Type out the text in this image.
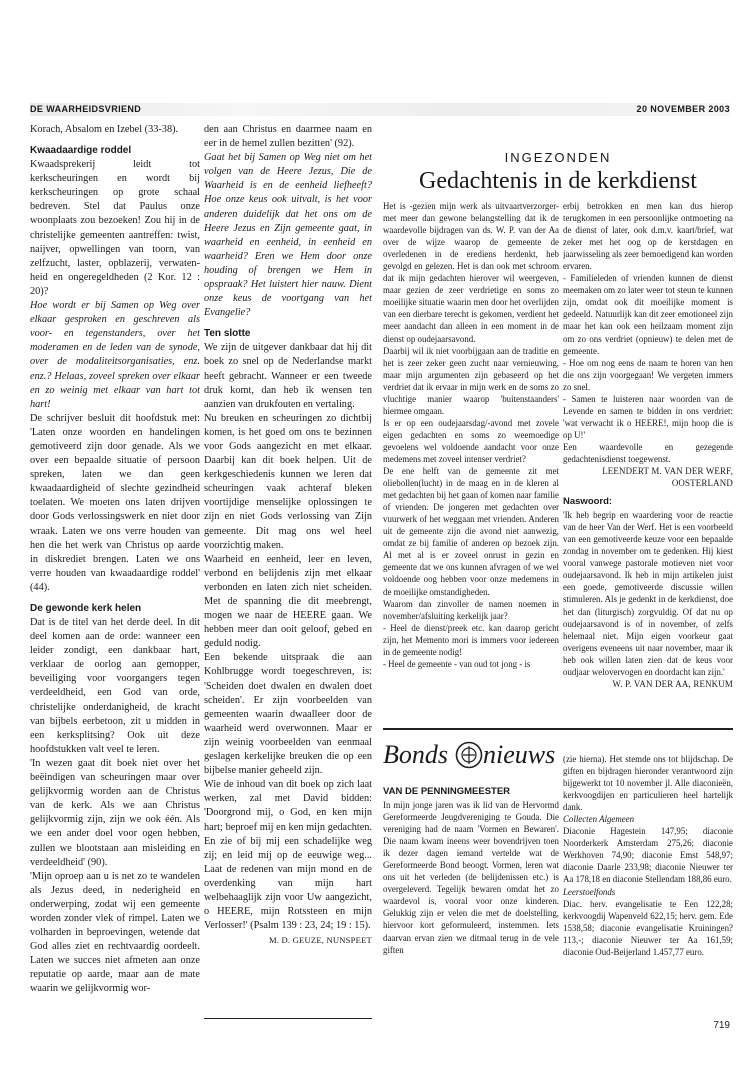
DE WAARHEIDSVRIEND	20 NOVEMBER 2003

Korach, Absalom en Izebel (33-38).

Kwaadaardige roddel

Kwaadsprekerij leidt tot kerkscheuringen en wordt bij kerkscheuringen op grote schaal bedreven. Stel dat Paulus onze woonplaats zou bezoeken! Zou hij in de christelijke gemeenten aantreffen: twist, naijver, opwellingen van toorn, van zelfzucht, laster, opblazerij, verwatenheid en ongeregeldheden (2 Kor. 12 : 20)?

Hoe wordt er bij Samen op Weg over elkaar gesproken en geschreven als voor- en tegenstanders, over het moderamen en de leden van de synode, over de modaliteitsorganisaties, enz. enz.? Helaas, zoveel spreken over elkaar en zo weinig met elkaar van hart tot hart!

De schrijver besluit dit hoofdstuk met: 'Laten onze woorden en handelingen gemotiveerd zijn door genade. Als we over een bepaalde situatie of persoon spreken, laten we dan geen kwaadaardigheid of slechte gezindheid toelaten. We moeten ons laten drijven door Gods verlossingswerk en niet door wraak. Laten we ons verre houden van hen die het werk van Christus op aarde in diskrediet brengen. Laten we ons verre houden van kwaadaardige roddel' (44).

De gewonde kerk helen

Dat is de titel van het derde deel. In dit deel komen aan de orde: wanneer een leider zondigt, een dankbaar hart, verklaar de oorlog aan gemopper, beveiliging voor voorgangers tegen verdeeldheid, een God van orde, christelijke onderdanigheid, de kracht van bijbels eerbetoon, zit u midden in een kerksplitsing? Ook uit deze hoofdstukken valt veel te leren.

'In wezen gaat dit boek niet over het beëindigen van scheuringen maar over gelijkvormig worden aan de Christus van de kerk. Als we aan Christus gelijkvormig zijn, zijn we ook één. Als we een ander doel voor ogen hebben, zullen we blootstaan aan misleiding en verdeeldheid' (90).

'Mijn oproep aan u is net zo te wandelen als Jezus deed, in nederigheid en onderwerping, zodat wij een gemeente worden zonder vlek of rimpel. Laten we volharden in beproevingen, wetende dat God alles ziet en rechtvaardig oordeelt. Laten we succes niet afmeten aan onze reputatie op aarde, maar aan de mate waarin we gelijkvormig wor-

den aan Christus en daarmee naam en eer in de hemel zullen bezitten' (92).

Gaat het bij Samen op Weg niet om het volgen van de Heere Jezus, Die de Waarheid is en de eenheid liefheeft? Hoe onze keus ook uitvalt, is het voor anderen duidelijk dat het ons om de Heere Jezus en Zijn gemeente gaat, in waarheid en eenheid, in eenheid en waarheid? Eren we Hem door onze houding of brengen we Hem in opspraak? Het luistert hier nauw. Dient onze keus de voortgang van het Evangelie?

Ten slotte

We zijn de uitgever dankbaar dat hij dit boek zo snel op de Nederlandse markt heeft gebracht. Wanneer er een tweede druk komt, dan heb ik wensen ten aanzien van drukfouten en vertaling.

Nu breuken en scheuringen zo dichtbij komen, is het goed om ons te bezinnen voor Gods aangezicht en met elkaar. Daarbij kan dit boek helpen. Uit de kerkgeschiedenis kunnen we leren dat scheuringen vaak achteraf bleken voortijdige menselijke oplossingen te zijn en niet Gods verlossing van Zijn gemeente. Dit mag ons wel heel voorzichtig maken.

Waarheid en eenheid, leer en leven, verbond en belijdenis zijn met elkaar verbonden en laten zich niet scheiden. Met de spanning die dit meebrengt, mogen we naar de HEERE gaan. We hebben meer dan ooit geloof, gebed en geduld nodig.

Een bekende uitspraak die aan Kohlbrugge wordt toegeschreven, is: 'Scheiden doet dwalen en dwalen doet scheiden'. Er zijn voorbeelden van gemeenten waarin dwaalleer door de waarheid werd overwonnen. Maar er zijn weinig voorbeelden van eenmaal geslagen kerkelijke breuken die op een bijbelse manier geheeld zijn.

Wie de inhoud van dit boek op zich laat werken, zal met David bidden: 'Doorgrond mij, o God, en ken mijn hart; beproef mij en ken mijn gedachten. En zie of bij mij een schadelijke weg zij; en leid mij op de eeuwige weg... Laat de redenen van mijn mond en de overdenking van mijn hart welbehaaglijk zijn voor Uw aangezicht, o HEERE, mijn Rotssteen en mijn Verlosser!' (Psalm 139 : 23, 24; 19 : 15).

M. D. GEUZE, NUNSPEET

INGEZONDEN
Gedachtenis in de kerkdienst

Het is -gezien mijn werk als uitvaartverzorger- met meer dan gewone belangstelling dat ik de waardevolle bijdragen van ds. W. P. van der Aa over de wijze waarop de gemeente de overledenen in de erediens herdenkt, heb gevolgd en gelezen. Het is dan ook met schroom dat ik mijn gedachten hierover wil weergeven, maar gezien de zeer verdrietige en soms zo moeilijke situatie waarin men door het overlijden van een dierbare terecht is gekomen, verdient het meer aandacht dan alleen in een moment in de dienst op oudejaarsavond.

Daarbij wil ik niet voorbijgaan aan de traditie en het is zeer zeker geen zucht naar vernieuwing, maar mijn argumenten zijn gebaseerd op het verdriet dat ik ervaar in mijn werk en de soms zo vluchtige manier waarop 'buitenstaanders' hiermee omgaan.

Is er op een oudejaarsdag/-avond met zovele eigen gedachten en soms zo weemoedige gevoelens wel voldoende aandacht voor onze medemens met zoveel intenser verdriet?

De ene helft van de gemeente zit met oliebollen(lucht) in de maag en in de kleren al met gedachten bij het gaan of komen naar familie of vrienden. De jongeren met gedachten over vuurwerk of het weggaan met vrienden. Anderen uit de gemeente zijn die avond niet aanwezig, omdat ze bij familie of anderen op bezoek zijn. Al met al is er zoveel onrust in gezin en gemeente dat we ons kunnen afvragen of we wel voldoende oog hebben voor onze medemens in de moeilijke omstandigheden.

Waarom dan zinvoller de namen noemen in november/afsluiting kerkelijk jaar?

- Heel de dienst/preek etc. kan daarop gericht zijn, het Memento mori is immers voor iedereen in de gemeente nodig!

- Heel de gemeente - van oud tot jong - is

erbij betrokken en men kan dus hierop terugkomen in een persoonlijke ontmoeting na de dienst of later, ook d.m.v. kaart/brief, wat zeker met het oog op de kerstdagen en jaarwisseling als zeer bemoedigend kan worden ervaren.

- Familieleden of vrienden kunnen de dienst meemaken om zo later weer tot steun te kunnen zijn, omdat ook dit moeilijke moment is gedeeld. Natuurlijk kan dit zeer emotioneel zijn maar het kan ook een heilzaam moment zijn om zo ons verdriet (opnieuw) te delen met de gemeente.

- Hoe om nog eens de naam te horen van hen die ons zijn voorgegaan! We vergeten immers zo snel.

- Samen te luisteren naar woorden van de Levende en samen te bidden in ons verdriet: 'wat verwacht ik o HEERE!, mijn hoop die is op U!'

Een waardevolle en gezegende gedachtenisdienst toegewenst.

LEENDERT M. VAN DER WERF, OOSTERLAND

Naswoord:

'Ik heb begrip en waardering voor de reactie van de heer Van der Werf. Het is een voorbeeld van een gemotiveerde keuze voor een bepaalde zondag in november om te gedenken. Hij kiest vooral vanwege pastorale motieven niet voor oudejaarsavond. Ik heb in mijn artikelen juist een goede, gemotiveerde discussie willen stimuleren. Als je gedenkt in de kerkdienst, doe het dan (liturgisch) zorgvuldig. Of dat nu op oudejaarsavond is of in november, of zelfs helemaal niet. Mijn eigen voorkeur gaat overigens eveneens uit naar november, maar ik heb ook willen laten zien dat de keus voor oudjaar welovervogen en doordacht kan zijn.'

W. P. VAN DER AA, RENKUM

Bonds nieuws
VAN DE PENNINGMEESTER

In mijn jonge jaren was ik lid van de Hervormd Gereformeerde Jeugdvereniging te Gouda. Die vereniging had de naam 'Vormen en Bewaren'. Die naam kwam ineens weer bovendrijven toen ik dezer dagen iemand vertelde wat de Gereformeerde Bond beoogt. Vormen, leren wat ons uit het verleden (de belijdenissen etc.) is overgeleverd. Tegelijk bewaren omdat het zo waardevol is, vooral voor onze kinderen. Gelukkig zijn er velen die met de doelstelling, hiervoor kort geformuleerd, instemmen. Iets daarvan ervan zien we ditmaal terug in de vele giften

(zie hierna). Het stemde ons tot blijdschap. De giften en bijdragen hieronder verantwoord zijn bijgewerkt tot 10 november jl. Alle diaconieën, kerkvoogdijen en particulieren heel hartelijk dank.

Collecten Algemeen

Diaconie Hagestein 147,95; diaconie Noorderkerk Amsterdam 275,26; diaconie Werkhoven 74,90; diaconie Emst 548,97; diaconie Daarle 233,98; diaconie Nieuwer ter Aa 178,18 en diaconie Stellendam 188,86 euro.

Leerstoelfonds

Diac. herv. evangelisatie te Een 122,28; kerkvoogdij Wapenveld 622,15; herv. gem. Ede 1538,58; diaconie evangelisatie Kruiningen? 113,-; diaconie Nieuwer ter Aa 161,59; diaconie Oud-Beijerland 1.457,77 euro.

719
